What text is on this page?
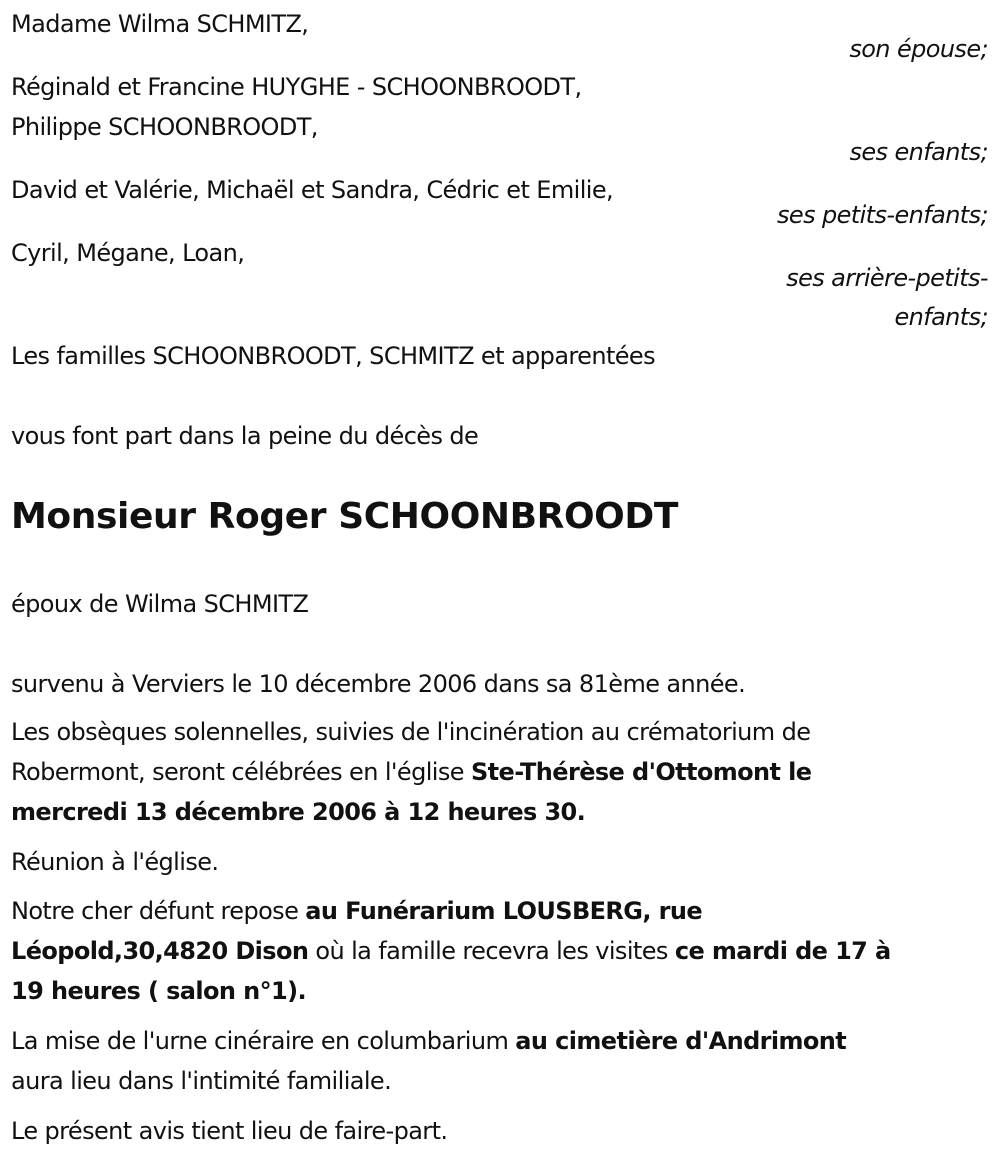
Madame Wilma SCHMITZ,
son épouse;
Réginald et Francine HUYGHE - SCHOONBROODT,
Philippe SCHOONBROODT,
ses enfants;
David et Valérie, Michaël et Sandra, Cédric et Emilie,
ses petits-enfants;
Cyril, Mégane, Loan,
ses arrière-petits-
enfants;
Les familles SCHOONBROODT, SCHMITZ et apparentées
vous font part dans la peine du décès de
Monsieur Roger SCHOONBROODT
époux de Wilma SCHMITZ
survenu à Verviers le 10 décembre 2006 dans sa 81ème année.
Les obsèques solennelles, suivies de l'incinération au crématorium de
Robermont, seront célébrées en l'église Ste-Thérèse d'Ottomont le
mercredi 13 décembre 2006 à 12 heures 30.
Réunion à l'église.
Notre cher défunt repose au Funérarium LOUSBERG, rue
Léopold,30,4820 Dison où la famille recevra les visites ce mardi de 17 à
19 heures ( salon n°1).
La mise de l'urne cinéraire en columbarium au cimetière d'Andrimont
aura lieu dans l'intimité familiale.
Le présent avis tient lieu de faire-part.
